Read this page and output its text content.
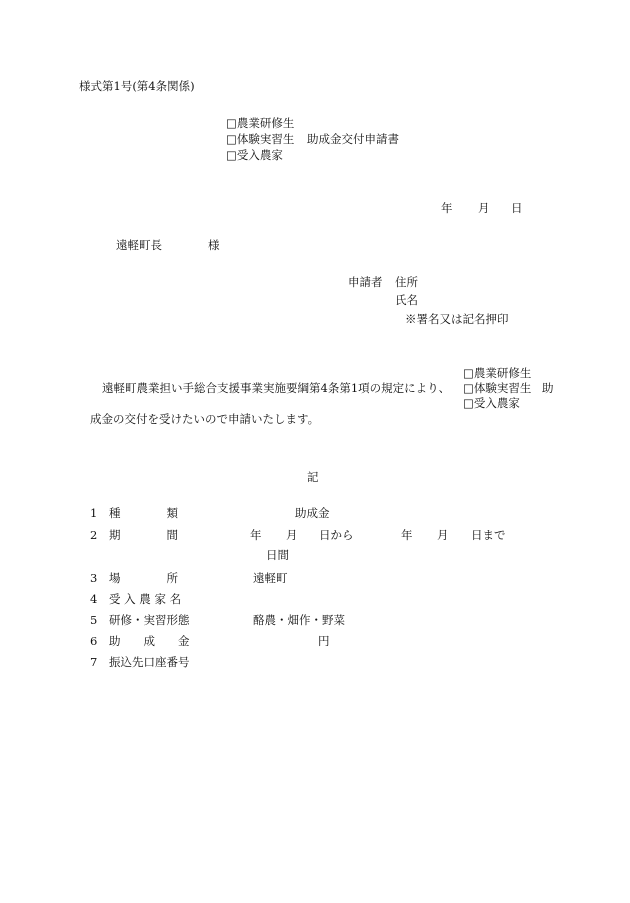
様式第1号(第4条関係)
□農業研修生
□体験実習生 助成金交付申請書
□受入農家
年 月 日
遠軽町長	様
申請者 住所
氏名
※署名又は記名押印
□農業研修生
遠軽町農業担い手総合支援事業実施要綱第4条第1項の規定により、 □体験実習生 助
□受入農家
成金の交付を受けたいので申請いたします。
記
1 種　　　　類	助成金
2 期　　　　間	年 月 日から	年 月 日まで
日間
3 場　　　　所	遠軽町
4 受 入 農 家 名
5 研修・実習形態	酪農・畑作・野菜
6 助　　成　　金	円
7 振込先口座番号
